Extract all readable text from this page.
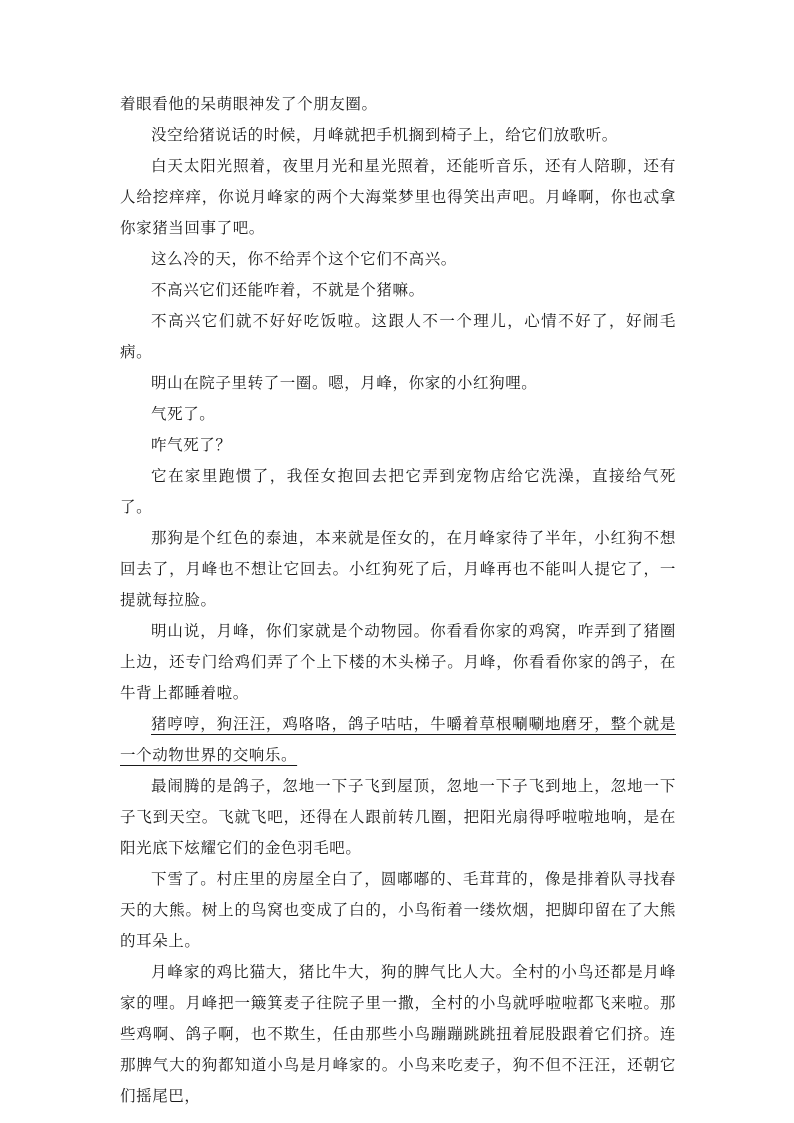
着眼看他的呆萌眼神发了个朋友圈。

没空给猪说话的时候，月峰就把手机搁到椅子上，给它们放歌听。

白天太阳光照着，夜里月光和星光照着，还能听音乐，还有人陪聊，还有人给挖痒痒，你说月峰家的两个大海棠梦里也得笑出声吧。月峰啊，你也忒拿你家猪当回事了吧。

这么冷的天，你不给弄个这个它们不高兴。

不高兴它们还能咋着，不就是个猪嘛。

不高兴它们就不好好吃饭啦。这跟人不一个理儿，心情不好了，好闹毛病。

明山在院子里转了一圈。嗯，月峰，你家的小红狗哩。

气死了。

咋气死了？

它在家里跑惯了，我侄女抱回去把它弄到宠物店给它洗澡，直接给气死了。

那狗是个红色的泰迪，本来就是侄女的，在月峰家待了半年，小红狗不想回去了，月峰也不想让它回去。小红狗死了后，月峰再也不能叫人提它了，一提就每拉脸。

明山说，月峰，你们家就是个动物园。你看看你家的鸡窝，咋弄到了猪圈上边，还专门给鸡们弄了个上下楼的木头梯子。月峰，你看看你家的鸽子，在牛背上都睡着啦。

猪哼哼，狗汪汪，鸡咯咯，鸽子咕咕，牛嚼着草根唰唰地磨牙，整个就是一个动物世界的交响乐。

最闹腾的是鸽子，忽地一下子飞到屋顶，忽地一下子飞到地上，忽地一下子飞到天空。飞就飞吧，还得在人跟前转几圈，把阳光扇得呼啦啦地响，是在阳光底下炫耀它们的金色羽毛吧。

下雪了。村庄里的房屋全白了，圆嘟嘟的、毛茸茸的，像是排着队寻找春天的大熊。树上的鸟窝也变成了白的，小鸟衔着一缕炊烟，把脚印留在了大熊的耳朵上。

月峰家的鸡比猫大，猪比牛大，狗的脾气比人大。全村的小鸟还都是月峰家的哩。月峰把一簸箕麦子往院子里一撒，全村的小鸟就呼啦啦都飞来啦。那些鸡啊、鸽子啊，也不欺生，任由那些小鸟蹦蹦跳跳扭着屁股跟着它们挤。连那脾气大的狗都知道小鸟是月峰家的。小鸟来吃麦子，狗不但不汪汪，还朝它们摇尾巴，
